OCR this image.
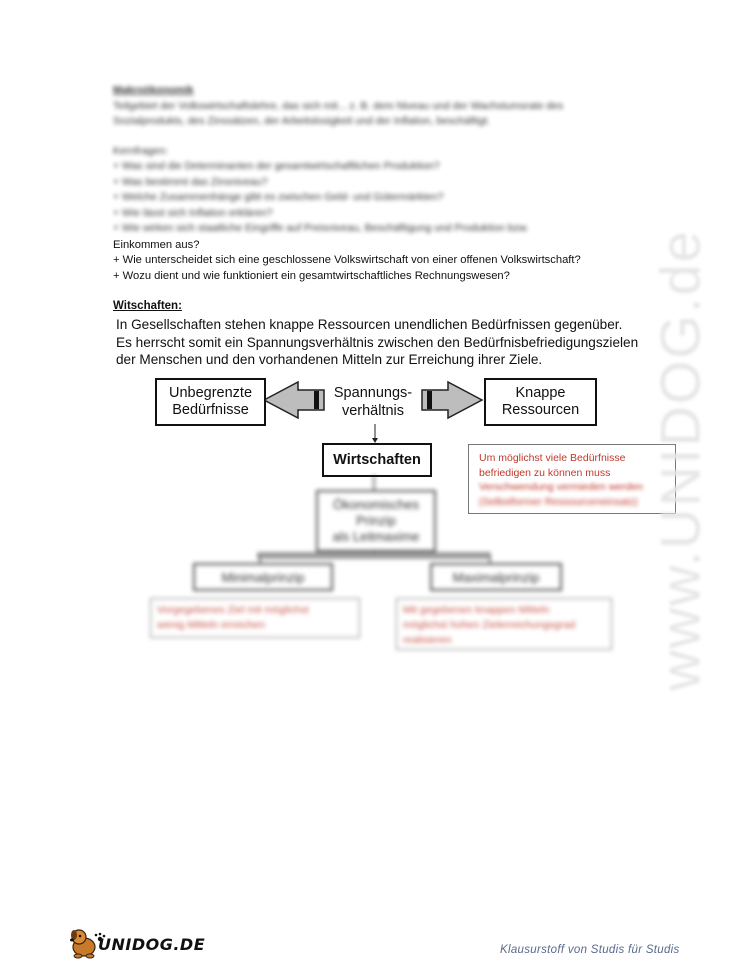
Makroökonomik
Teilgebiet der Volkswirtschaftslehre, das sich mit... z. B. dem Niveau und der Wachstumsrate des
Sozialprodukts, des Zinssätzen, der Arbeitslosigkeit und der Inflation, beschäftigt.
Kernfragen:
+ Was sind die Determinanten der gesamtwirtschaftlichen Produktion?
+ Was bestimmt das Zinsniveau?
+ Welche Zusammenhänge gibt es zwischen Geld- und Gütermärkten?
+ Wie lässt sich Inflation erklären?
+ Wie wirken sich staatliche Eingriffe auf Preisniveau, Beschäftigung und Produktion bzw.
Einkommen aus?
+ Wie unterscheidet sich eine geschlossene Volkswirtschaft von einer offenen Volkswirtschaft?
+ Wozu dient und wie funktioniert ein gesamtwirtschaftliches Rechnungswesen?
Witschaften:
In Gesellschaften stehen knappe Ressourcen unendlichen Bedürfnissen gegenüber.
Es herrscht somit ein Spannungsverhältnis zwischen den Bedürfnisbefriedigungszielen
der Menschen und den vorhandenen Mitteln zur Erreichung ihrer Ziele.
Unbegrenzte
Bedürfnisse
Spannungs-
verhältnis
Knappe
Ressourcen
Wirtschaften	Um möglichst viele Bedürfnisse
befriedigen zu können muss
Verschwendung vermieden werden
(Selbstformer Ressourceneinsatz)
Ökonomisches
Prinzip
als Leitmaxime
Minimalprinzip	Maximalprinzip
Vorgegebenes Ziel mit möglichst
wenig Mitteln erreichen
Mit gegebenen knappen Mitteln
möglichst hohen Zielerreichungsgrad
realisieren	www.UNIDOG.de
UNIDOG.DE	Klausurstoff von Studis für Studis
